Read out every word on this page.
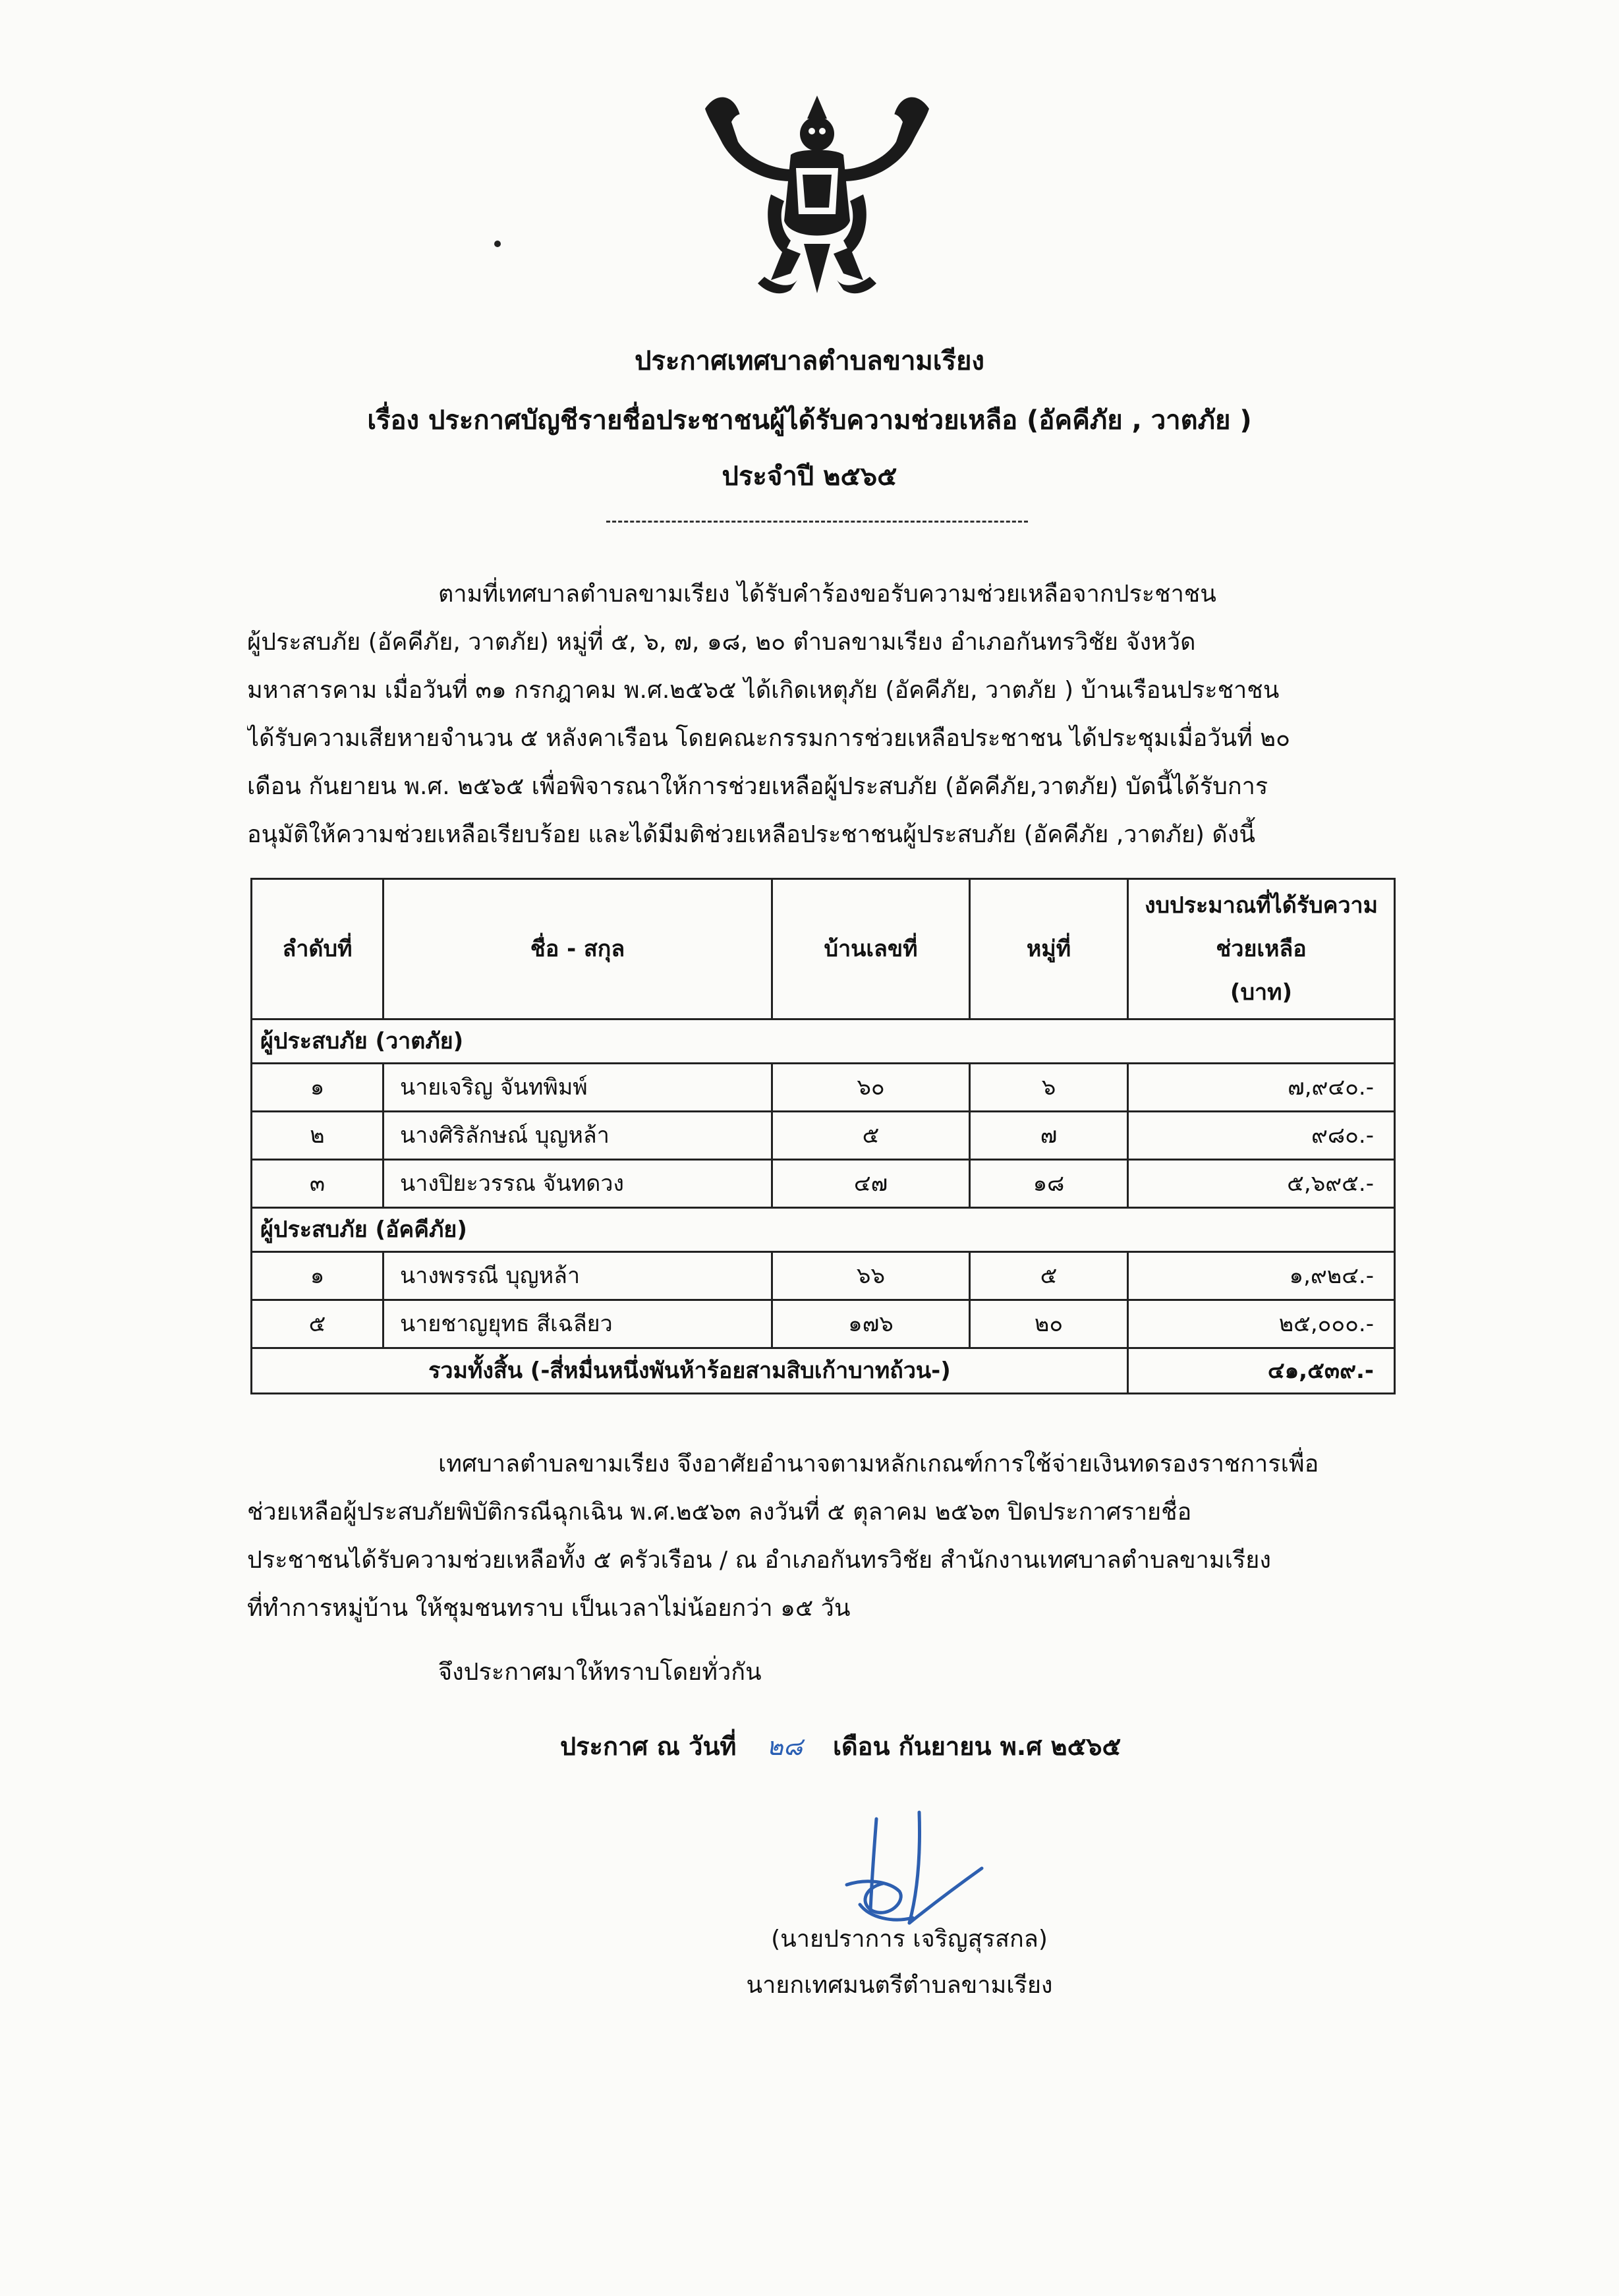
ประกาศเทศบาลตำบลขามเรียง
เรื่อง ประกาศบัญชีรายชื่อประชาชนผู้ได้รับความช่วยเหลือ (อัคคีภัย , วาตภัย )
ประจำปี ๒๕๖๕
ตามที่เทศบาลตำบลขามเรียง ได้รับคำร้องขอรับความช่วยเหลือจากประชาชน
ผู้ประสบภัย (อัคคีภัย, วาตภัย) หมู่ที่ ๕, ๖, ๗, ๑๘, ๒๐ ตำบลขามเรียง อำเภอกันทรวิชัย จังหวัด
มหาสารคาม เมื่อวันที่ ๓๑ กรกฎาคม พ.ศ.๒๕๖๕ ได้เกิดเหตุภัย (อัคคีภัย, วาตภัย ) บ้านเรือนประชาชน
ได้รับความเสียหายจำนวน ๕ หลังคาเรือน โดยคณะกรรมการช่วยเหลือประชาชน ได้ประชุมเมื่อวันที่ ๒๐
เดือน กันยายน พ.ศ. ๒๕๖๕ เพื่อพิจารณาให้การช่วยเหลือผู้ประสบภัย (อัคคีภัย,วาตภัย) บัดนี้ได้รับการ
อนุมัติให้ความช่วยเหลือเรียบร้อย และได้มีมติช่วยเหลือประชาชนผู้ประสบภัย (อัคคีภัย ,วาตภัย) ดังนี้
ลำดับที่	ชื่อ - สกุล	บ้านเลขที่	หมู่ที่	งบประมาณที่ได้รับความ
ช่วยเหลือ
(บาท)

ผู้ประสบภัย (วาตภัย)				
๑	นายเจริญ จันทพิมพ์	๖๐	๖	๗,๙๔๐.-
๒	นางศิริลักษณ์ บุญหล้า	๕	๗	๙๘๐.-
๓	นางปิยะวรรณ จันทดวง	๔๗	๑๘	๕,๖๙๕.-
ผู้ประสบภัย (อัคคีภัย)				
๑	นางพรรณี บุญหล้า	๖๖	๕	๑,๙๒๔.-
๕	นายชาญยุทธ สีเฉลียว	๑๗๖	๒๐	๒๕,๐๐๐.-
รวมทั้งสิ้น (-สี่หมื่นหนึ่งพันห้าร้อยสามสิบเก้าบาทถ้วน-)				๔๑,๕๓๙.-
เทศบาลตำบลขามเรียง จึงอาศัยอำนาจตามหลักเกณฑ์การใช้จ่ายเงินทดรองราชการเพื่อ
ช่วยเหลือผู้ประสบภัยพิบัติกรณีฉุกเฉิน พ.ศ.๒๕๖๓ ลงวันที่ ๕ ตุลาคม ๒๕๖๓ ปิดประกาศรายชื่อ
ประชาชนได้รับความช่วยเหลือทั้ง ๕ ครัวเรือน / ณ อำเภอกันทรวิชัย สำนักงานเทศบาลตำบลขามเรียง
ที่ทำการหมู่บ้าน ให้ชุมชนทราบ เป็นเวลาไม่น้อยกว่า ๑๕ วัน
จึงประกาศมาให้ทราบโดยทั่วกัน
ประกาศ ณ วันที่ ๒๘ เดือน กันยายน พ.ศ ๒๕๖๕
(นายปราการ เจริญสุรสกล)
นายกเทศมนตรีตำบลขามเรียง
